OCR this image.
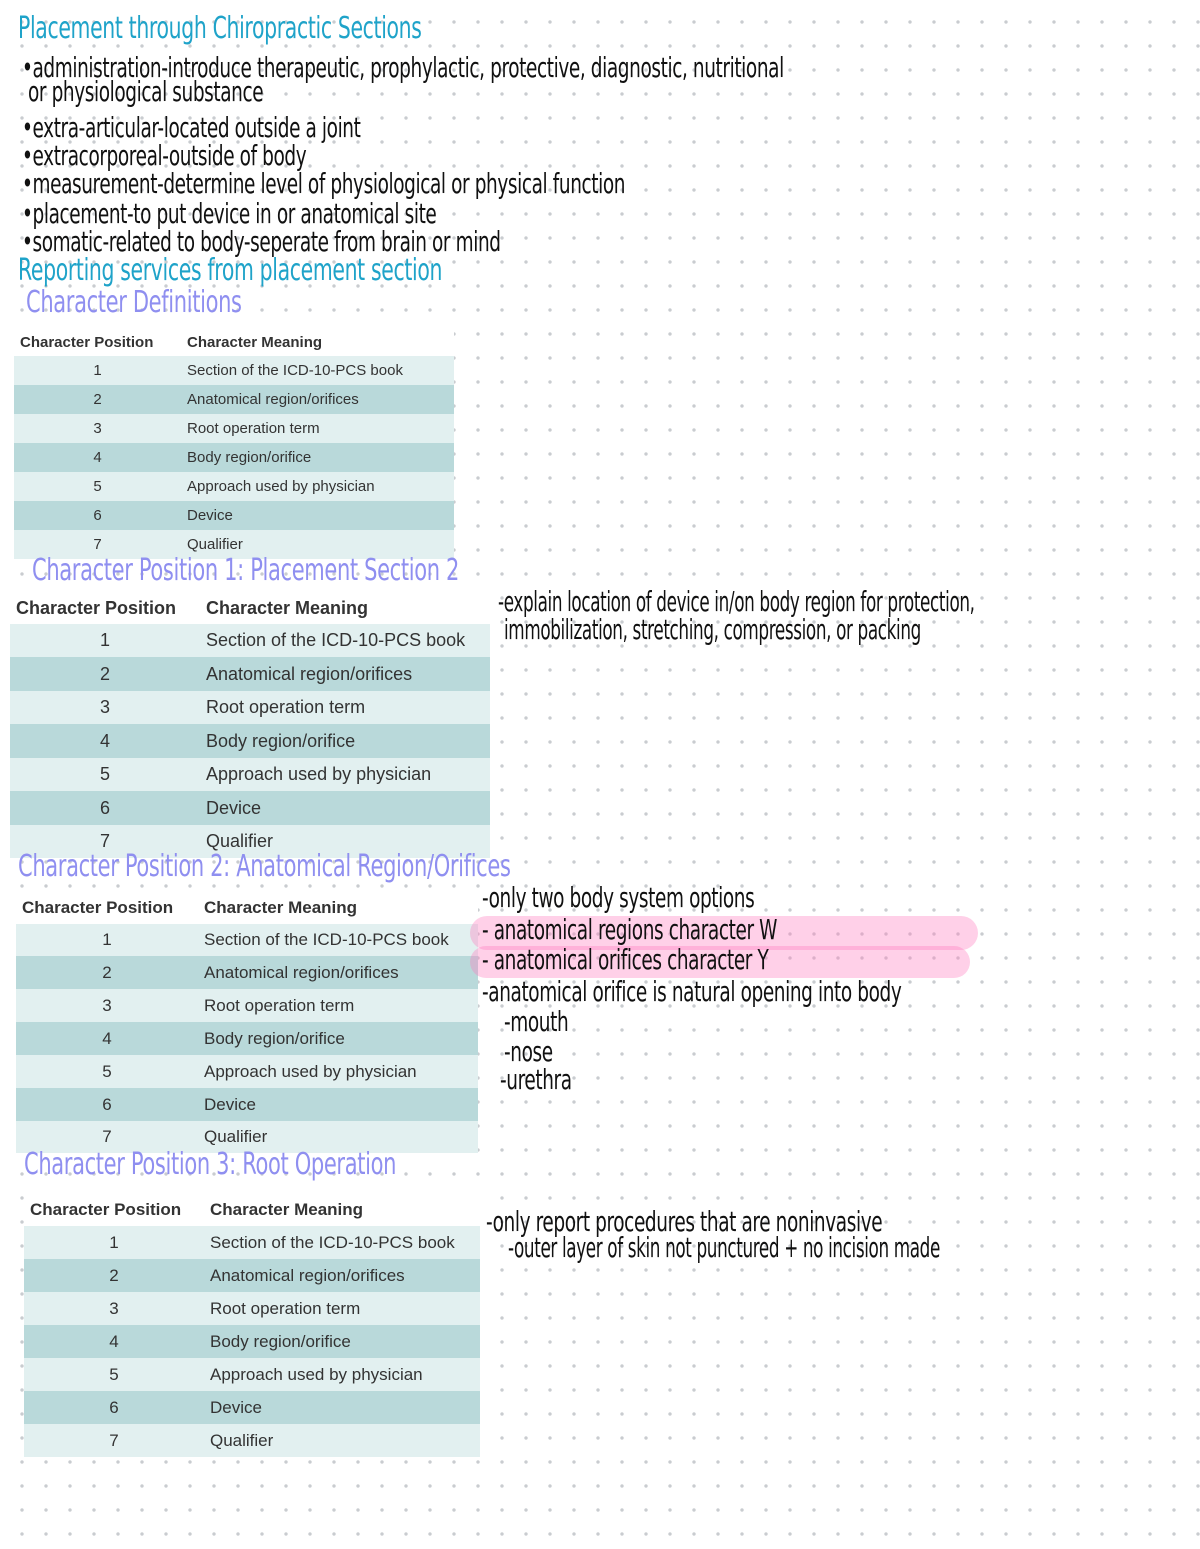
Placement through Chiropractic Sections
•administration-introduce therapeutic, prophylactic, protective, diagnostic, nutritional
or physiological substance
•extra-articular-located outside a joint
•extracorporeal-outside of body
•measurement-determine level of physiological or physical function
•placement-to put device in or anatomical site
•somatic-related to body-seperate from brain or mind
Reporting services from placement section
Character Definitions
Character Position	Character Meaning
1	Section of the ICD-10-PCS book
2	Anatomical region/orifices
3	Root operation term
4	Body region/orifice
5	Approach used by physician
6	Device
7	Qualifier
Character Position 1: Placement Section 2
Character Position	Character Meaning
1	Section of the ICD-10-PCS book
2	Anatomical region/orifices
3	Root operation term
4	Body region/orifice
5	Approach used by physician
6	Device
7	Qualifier
-explain location of device in/on body region for protection,
immobilization, stretching, compression, or packing
Character Position 2: Anatomical Region/Orifices
Character Position	Character Meaning
1	Section of the ICD-10-PCS book
2	Anatomical region/orifices
3	Root operation term
4	Body region/orifice
5	Approach used by physician
6	Device
7	Qualifier
-only two body system options
- anatomical regions character W
- anatomical orifices character Y
-anatomical orifice is natural opening into body
-mouth
-nose
-urethra
Character Position 3: Root Operation
Character Position	Character Meaning
1	Section of the ICD-10-PCS book
2	Anatomical region/orifices
3	Root operation term
4	Body region/orifice
5	Approach used by physician
6	Device
7	Qualifier
-only report procedures that are noninvasive
-outer layer of skin not punctured + no incision made
